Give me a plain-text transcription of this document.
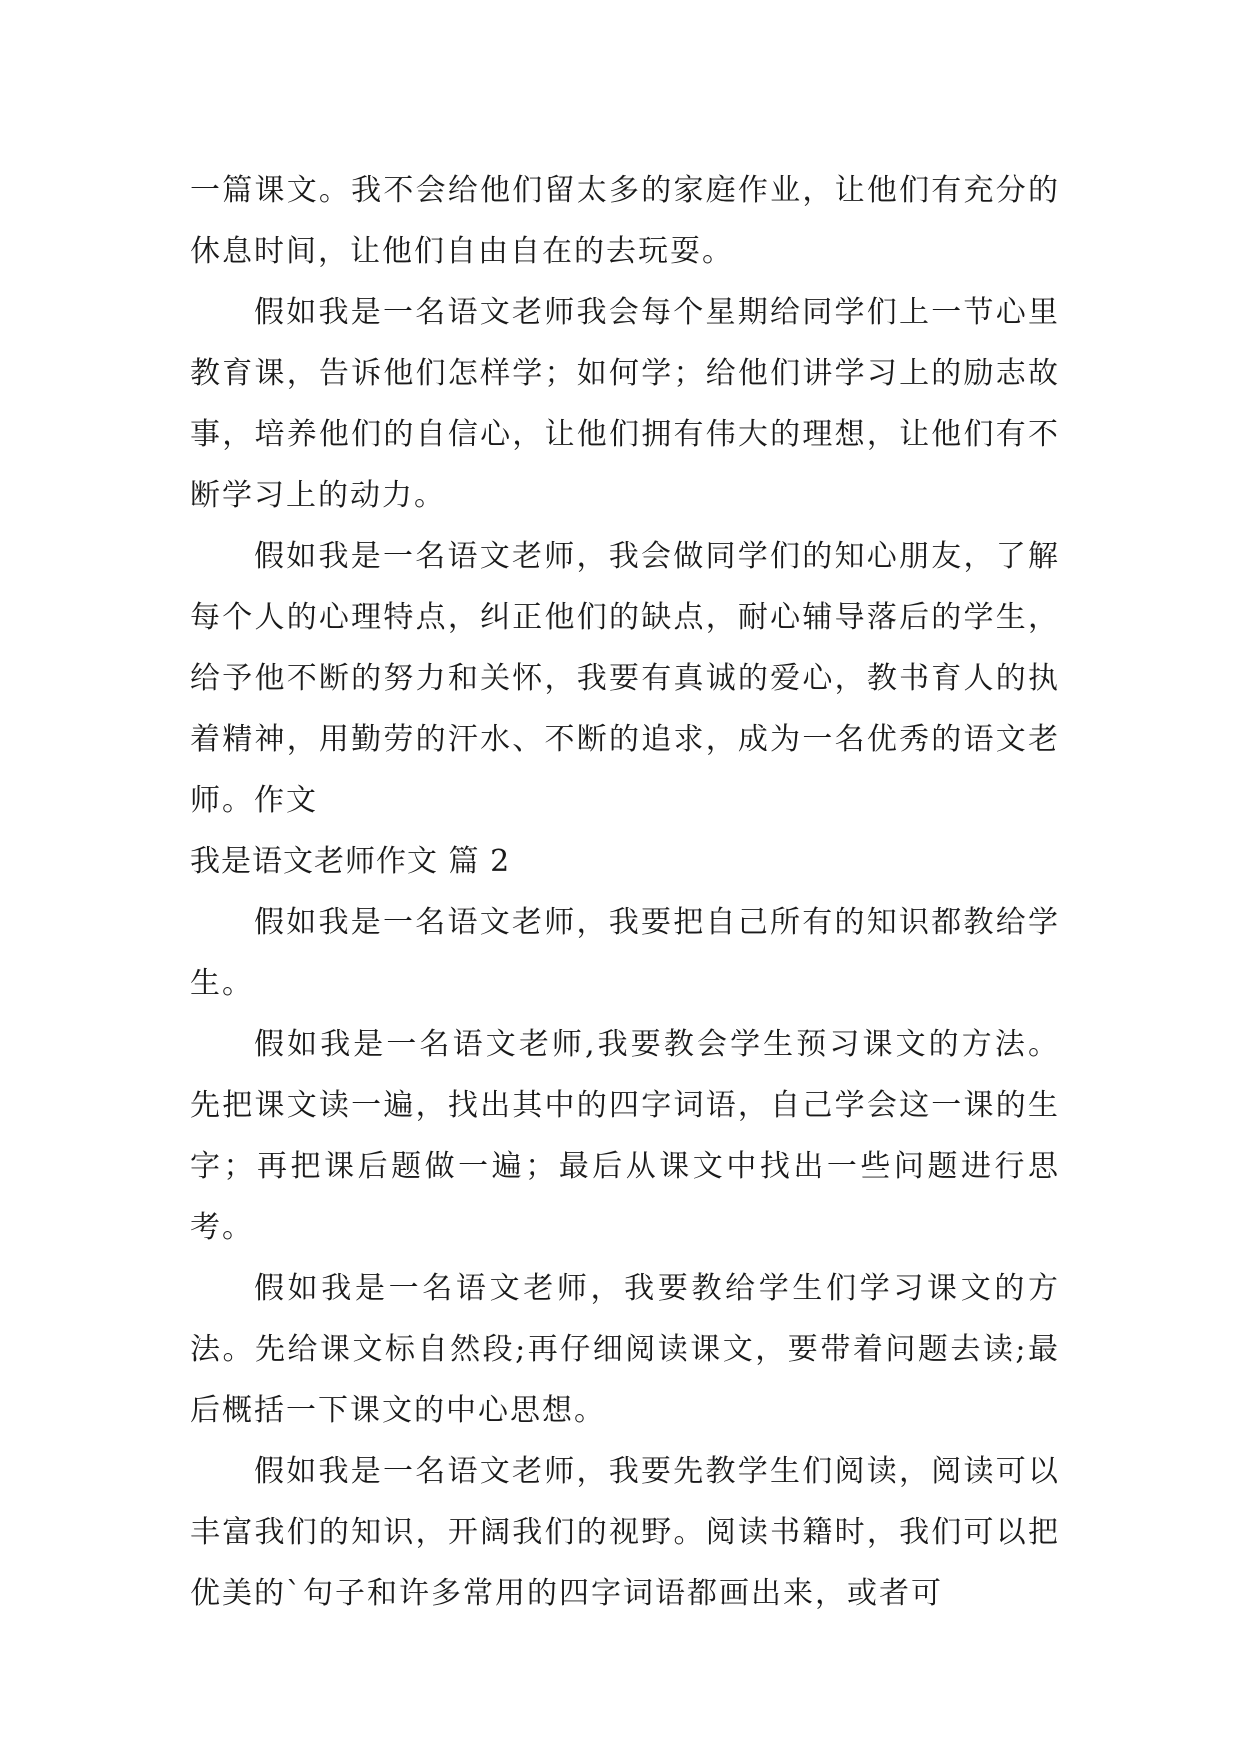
一篇课文。我不会给他们留太多的家庭作业，让他们有充分的休息时间，让他们自由自在的去玩耍。

假如我是一名语文老师我会每个星期给同学们上一节心里教育课，告诉他们怎样学；如何学；给他们讲学习上的励志故事，培养他们的自信心，让他们拥有伟大的理想，让他们有不断学习上的动力。

假如我是一名语文老师，我会做同学们的知心朋友，了解每个人的心理特点，纠正他们的缺点，耐心辅导落后的学生，给予他不断的努力和关怀，我要有真诚的爱心，教书育人的执着精神，用勤劳的汗水、不断的追求，成为一名优秀的语文老师。作文

我是语文老师作文 篇 2

假如我是一名语文老师，我要把自己所有的知识都教给学生。

假如我是一名语文老师,我要教会学生预习课文的方法。先把课文读一遍，找出其中的四字词语，自己学会这一课的生字；再把课后题做一遍；最后从课文中找出一些问题进行思考。

假如我是一名语文老师，我要教给学生们学习课文的方法。先给课文标自然段;再仔细阅读课文，要带着问题去读;最后概括一下课文的中心思想。

假如我是一名语文老师，我要先教学生们阅读，阅读可以丰富我们的知识，开阔我们的视野。阅读书籍时，我们可以把优美的`句子和许多常用的四字词语都画出来，或者可
